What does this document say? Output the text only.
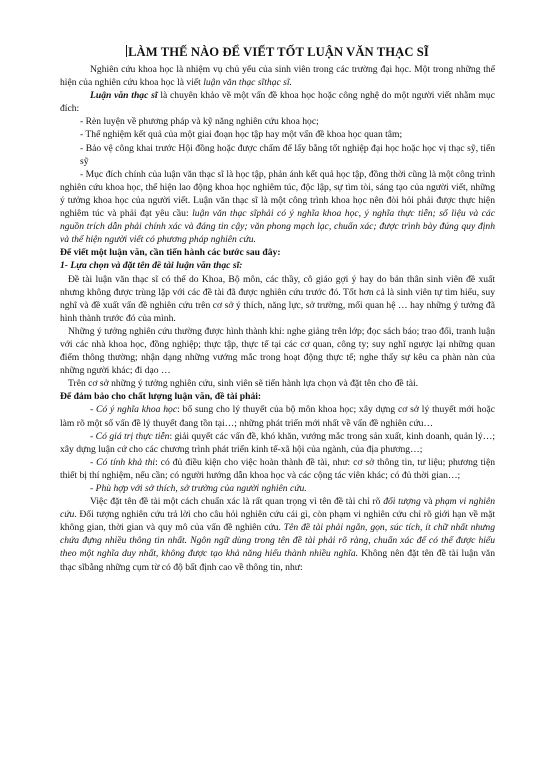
LÀM THẾ NÀO ĐỂ VIẾT TỐT LUẬN VĂN THẠC SĨ

Nghiên cứu khoa học là nhiệm vụ chủ yếu của sinh viên trong các trường đại học. Một trong những thể hiện của nghiên cứu khoa học là viết luận văn thạc sĩthạc sĩ.

Luận văn thạc sĩ là chuyên khảo về một vấn đề khoa học hoặc công nghệ do một người viết nhằm mục đích:

- Rèn luyện về phương pháp và kỹ năng nghiên cứu khoa học;

- Thể nghiệm kết quả của một giai đoạn học tập hay một vấn đề khoa học quan tâm;

- Bảo vệ công khai trước Hội đồng hoặc được chấm để lấy bằng tốt nghiệp đại học hoặc học vị thạc sỹ, tiến sỹ

- Mục đích chính của luận văn thạc sĩ là học tập, phản ánh kết quả học tập, đồng thời cũng là một công trình nghiên cứu khoa học, thể hiện lao động khoa học nghiêm túc, độc lập, sự tìm tòi, sáng tạo của người viết, những ý tưởng khoa học của người viết. Luận văn thạc sĩ là một công trình khoa học nên đòi hỏi phải được thực hiện nghiêm túc và phải đạt yêu cầu: luận văn thạc sĩphải có ý nghĩa khoa học, ý nghĩa thực tiễn; số liệu và các nguồn trích dẫn phải chính xác và đáng tin cậy; văn phong mạch lạc, chuẩn xác; được trình bày đúng quy định và thể hiện người viết có phương pháp nghiên cứu.

Để viết một luận văn, cần tiến hành các bước sau đây:

1- Lựa chọn và đặt tên đề tài luận văn thạc sĩ:

Đề tài luận văn thạc sĩ có thể do Khoa, Bộ môn, các thầy, cô giáo gợi ý hay do bản thân sinh viên đề xuất nhưng không được trùng lặp với các đề tài đã được nghiên cứu trước đó. Tốt hơn cả là sinh viên tự tìm hiểu, suy nghĩ và đề xuất vấn đề nghiên cứu trên cơ sở ý thích, năng lực, sở trường, mối quan hệ … hay những ý tưởng đã hình thành trước đó của mình.

Những ý tưởng nghiên cứu thường được hình thành khi: nghe giảng trên lớp; đọc sách báo; trao đổi, tranh luận với các nhà khoa học, đồng nghiệp; thực tập, thực tế tại các cơ quan, công ty; suy nghĩ ngược lại những quan điểm thông thường; nhận dạng những vướng mắc trong hoạt động thực tế; nghe thấy sự kêu ca phàn nàn của những người khác; đi dạo …

Trên cơ sở những ý tưởng nghiên cứu, sinh viên sẽ tiến hành lựa chọn và đặt tên cho đề tài.

Để đảm bảo cho chất lượng luận văn, đề tài phải:

- Có ý nghĩa khoa học: bổ sung cho lý thuyết của bộ môn khoa học; xây dựng cơ sở lý thuyết mới hoặc làm rõ một số vấn đề lý thuyết đang tồn tại…; những phát triển mới nhất về vấn đề nghiên cứu…

- Có giá trị thực tiễn: giải quyết các vấn đề, khó khăn, vướng mắc trong sản xuất, kinh doanh, quản lý…; xây dựng luận cứ cho các chương trình phát triển kinh tế-xã hội của ngành, của địa phương…;

- Có tính khả thi: có đủ điều kiện cho việc hoàn thành đề tài, như: cơ sở thông tin, tư liệu; phương tiện thiết bị thí nghiệm, nếu cần; có người hướng dẫn khoa học và các cộng tác viên khác; có đủ thời gian…;

- Phù hợp với sở thích, sở trường của người nghiên cứu.

Việc đặt tên đề tài một cách chuẩn xác là rất quan trọng vì tên đề tài chỉ rõ đối tượng và phạm vi nghiên cứu. Đối tượng nghiên cứu trả lời cho câu hỏi nghiên cứu cái gì, còn phạm vi nghiên cứu chỉ rõ giới hạn về mặt không gian, thời gian và quy mô của vấn đề nghiên cứu. Tên đề tài phải ngắn, gọn, súc tích, ít chữ nhất nhưng chứa đựng nhiều thông tin nhất. Ngôn ngữ dùng trong tên đề tài phải rõ ràng, chuẩn xác để có thể được hiểu theo một nghĩa duy nhất, không được tạo khả năng hiểu thành nhiều nghĩa. Không nên đặt tên đề tài luận văn thạc sĩbằng những cụm từ có độ bất định cao về thông tin, như:
